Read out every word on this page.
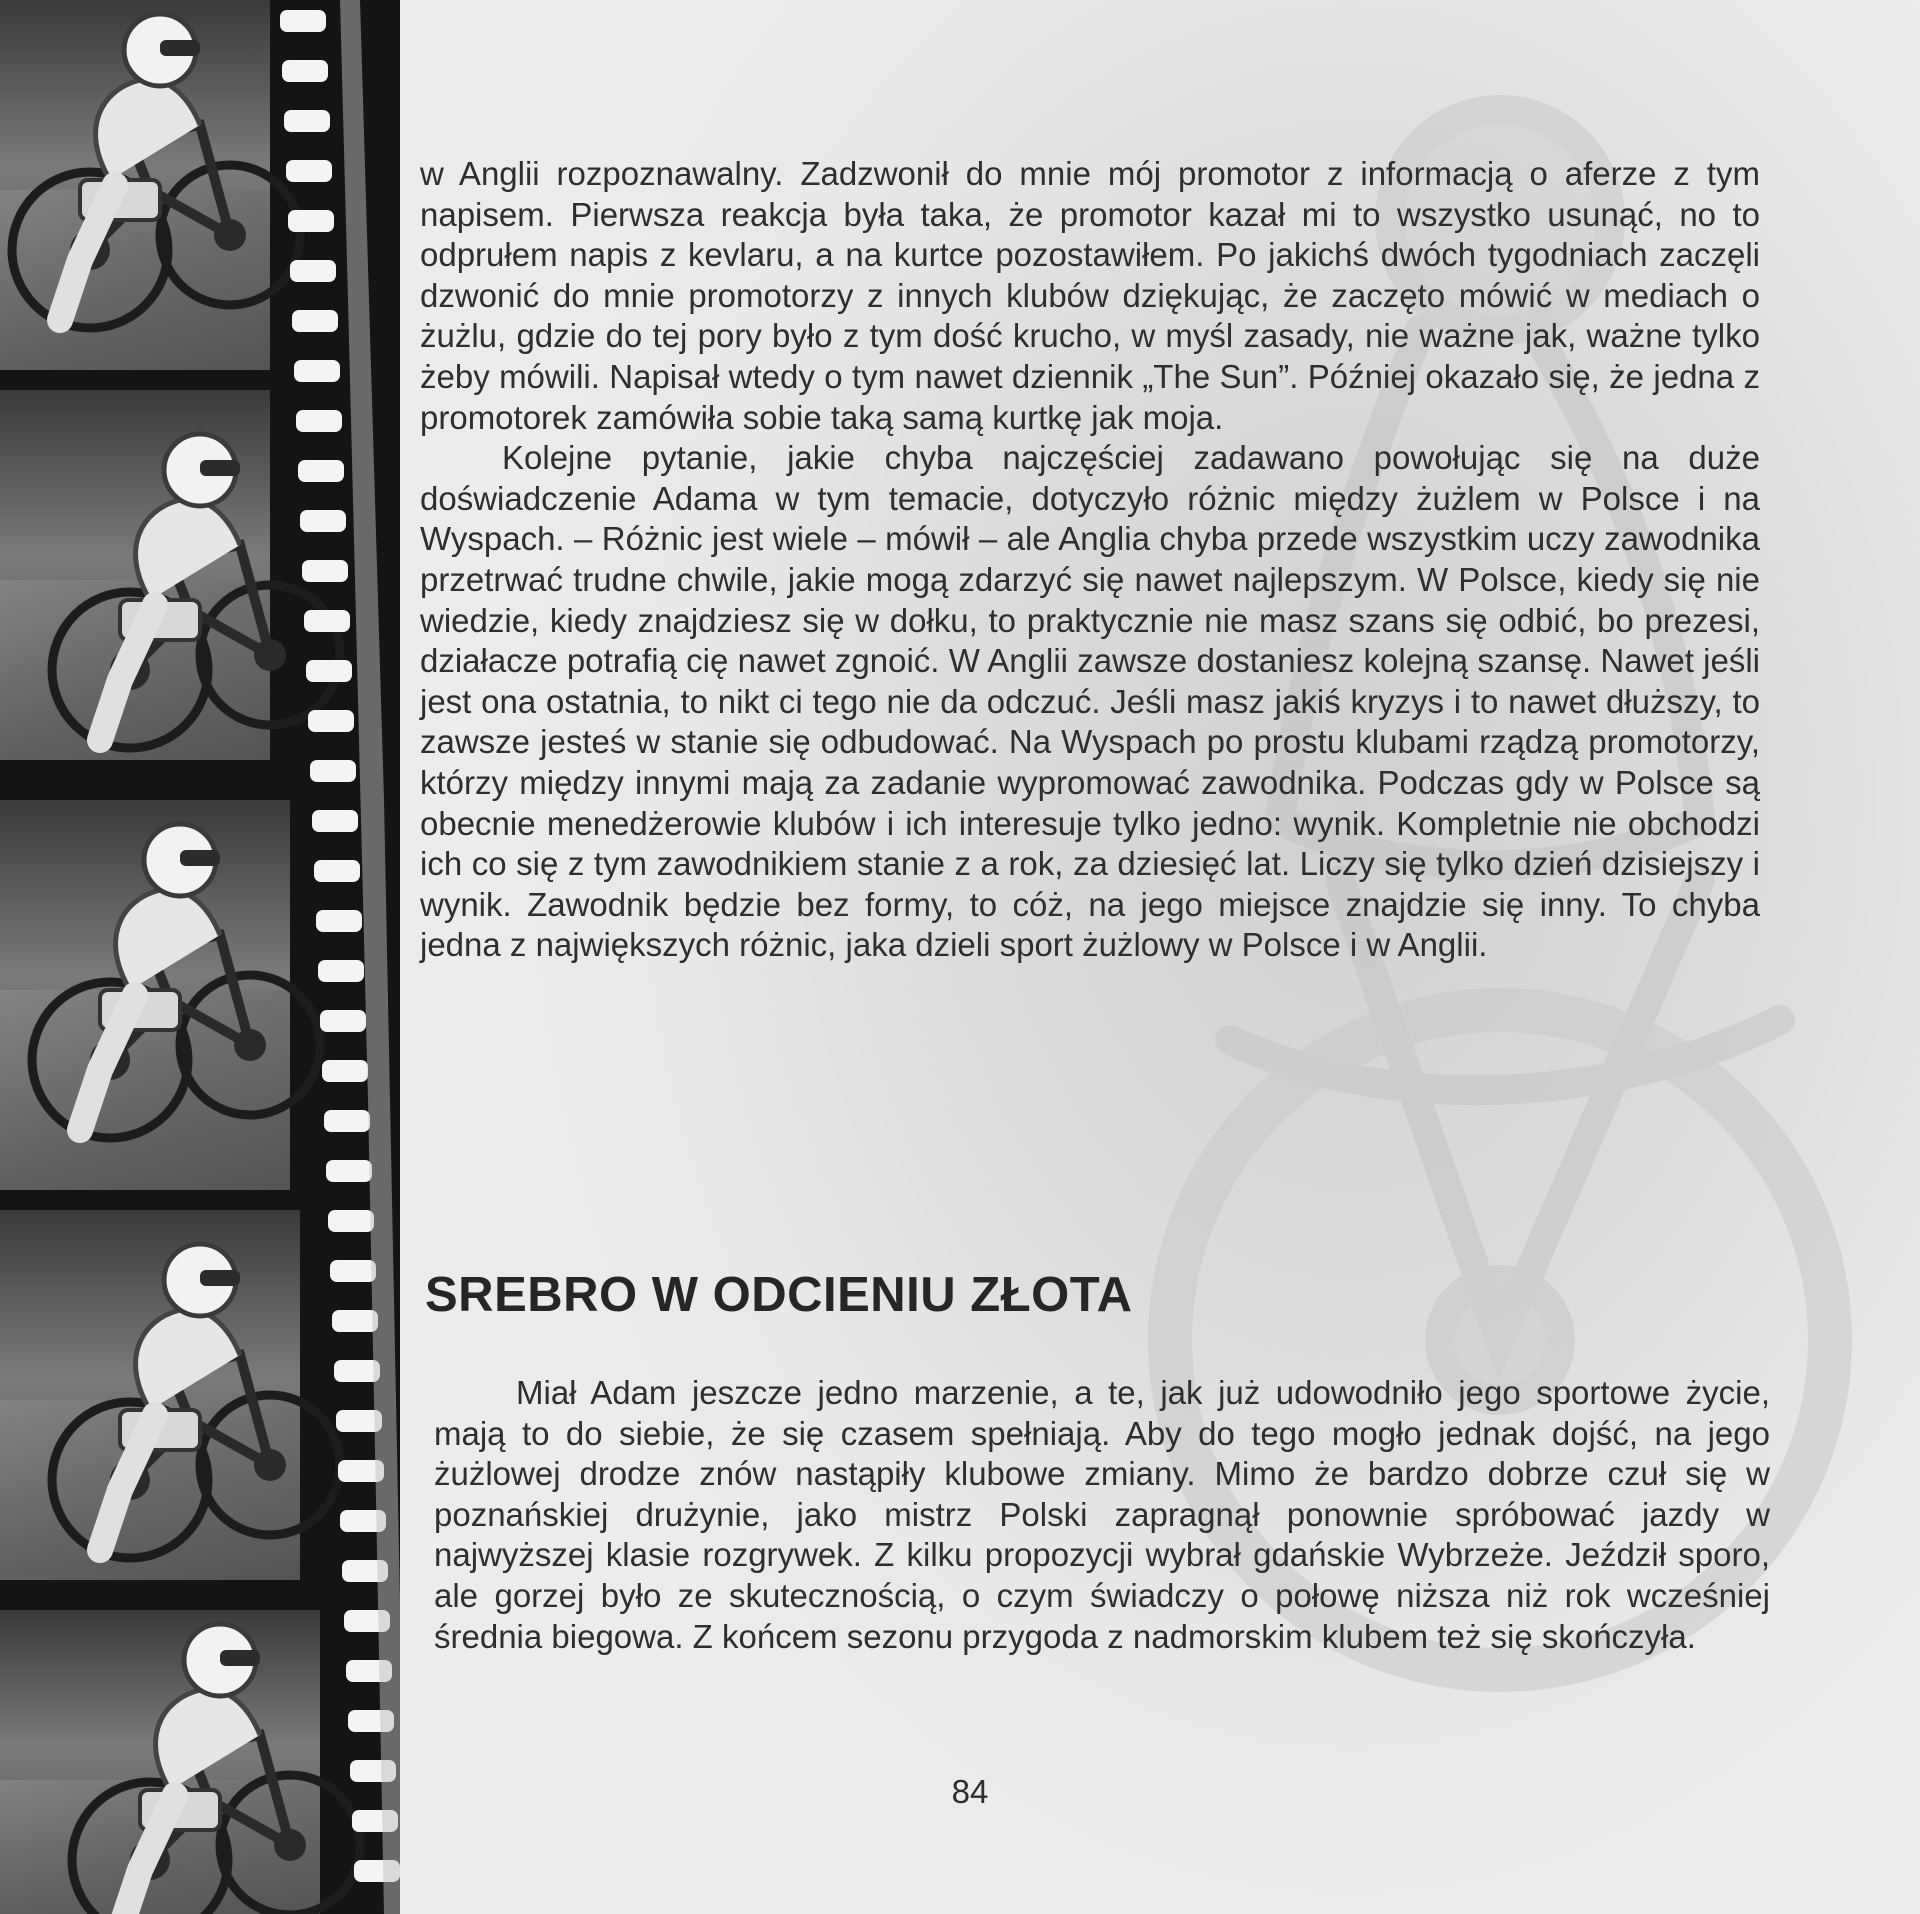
w Anglii rozpoznawalny. Zadzwonił do mnie mój promotor z informacją o aferze z tym napisem. Pierwsza reakcja była taka, że promotor kazał mi to wszystko usunąć, no to odprułem napis z kevlaru, a na kurtce pozostawiłem. Po jakichś dwóch tygodniach zaczęli dzwonić do mnie promotorzy z innych klubów dziękując, że zaczęto mówić w mediach o żużlu, gdzie do tej pory było z tym dość krucho, w myśl zasady, nie ważne jak, ważne tylko żeby mówili. Napisał wtedy o tym nawet dziennik „The Sun”. Później okazało się, że jedna z promotorek zamówiła sobie taką samą kurtkę jak moja.

Kolejne pytanie, jakie chyba najczęściej zadawano powołując się na duże doświadczenie Adama w tym temacie, dotyczyło różnic między żużlem w Polsce i na Wyspach. – Różnic jest wiele – mówił – ale Anglia chyba przede wszystkim uczy zawodnika przetrwać trudne chwile, jakie mogą zdarzyć się nawet najlepszym. W Polsce, kiedy się nie wiedzie, kiedy znajdziesz się w dołku, to praktycznie nie masz szans się odbić, bo prezesi, działacze potrafią cię nawet zgnoić. W Anglii zawsze dostaniesz kolejną szansę. Nawet jeśli jest ona ostatnia, to nikt ci tego nie da odczuć. Jeśli masz jakiś kryzys i to nawet dłuższy, to zawsze jesteś w stanie się odbudować. Na Wyspach po prostu klubami rządzą promotorzy, którzy między innymi mają za zadanie wypromować zawodnika. Podczas gdy w Polsce są obecnie menedżerowie klubów i ich interesuje tylko jedno: wynik. Kompletnie nie obchodzi ich co się z tym zawodnikiem stanie z a rok, za dziesięć lat. Liczy się tylko dzień dzisiejszy i wynik. Zawodnik będzie bez formy, to cóż, na jego miejsce znajdzie się inny. To chyba jedna z największych różnic, jaka dzieli sport żużlowy w Polsce i w Anglii.

SREBRO W ODCIENIU ZŁOTA

Miał Adam jeszcze jedno marzenie, a te, jak już udowodniło jego sportowe życie, mają to do siebie, że się czasem spełniają. Aby do tego mogło jednak dojść, na jego żużlowej drodze znów nastąpiły klubowe zmiany. Mimo że bardzo dobrze czuł się w poznańskiej drużynie, jako mistrz Polski zapragnął ponownie spróbować jazdy w najwyższej klasie rozgrywek. Z kilku propozycji wybrał gdańskie Wybrzeże. Jeździł sporo, ale gorzej było ze skutecznością, o czym świadczy o połowę niższa niż rok wcześniej średnia biegowa. Z końcem sezonu przygoda z nadmorskim klubem też się skończyła.

84
